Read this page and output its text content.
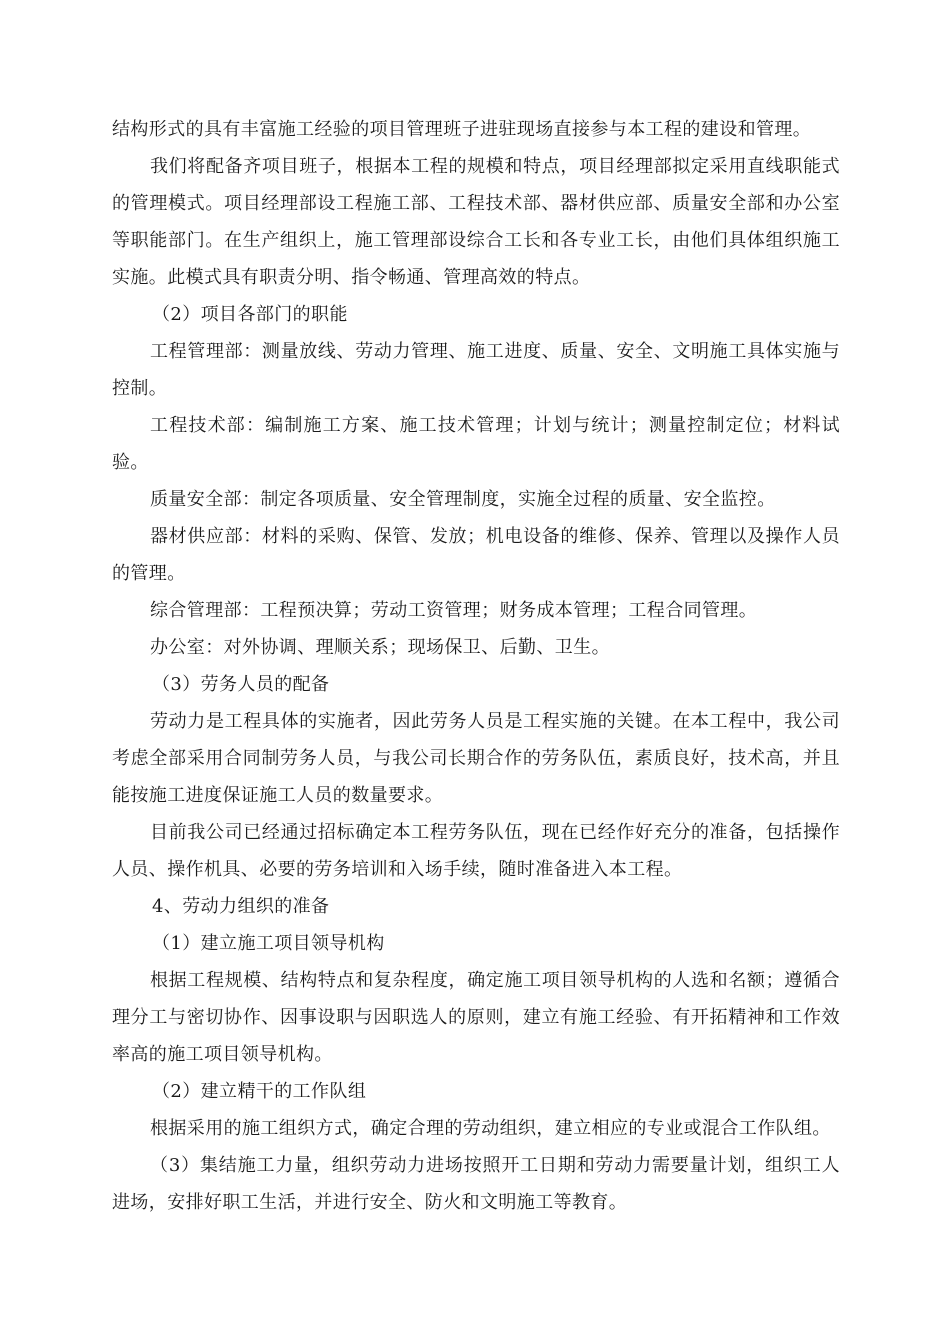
结构形式的具有丰富施工经验的项目管理班子进驻现场直接参与本工程的建设和管理。

我们将配备齐项目班子，根据本工程的规模和特点，项目经理部拟定采用直线职能式的管理模式。项目经理部设工程施工部、工程技术部、器材供应部、质量安全部和办公室等职能部门。在生产组织上，施工管理部设综合工长和各专业工长，由他们具体组织施工实施。此模式具有职责分明、指令畅通、管理高效的特点。

（2）项目各部门的职能

工程管理部：测量放线、劳动力管理、施工进度、质量、安全、文明施工具体实施与控制。

工程技术部：编制施工方案、施工技术管理；计划与统计；测量控制定位；材料试验。

质量安全部：制定各项质量、安全管理制度，实施全过程的质量、安全监控。

器材供应部：材料的采购、保管、发放；机电设备的维修、保养、管理以及操作人员的管理。

综合管理部：工程预决算；劳动工资管理；财务成本管理；工程合同管理。

办公室：对外协调、理顺关系；现场保卫、后勤、卫生。

（3）劳务人员的配备

劳动力是工程具体的实施者，因此劳务人员是工程实施的关键。在本工程中，我公司考虑全部采用合同制劳务人员，与我公司长期合作的劳务队伍，素质良好，技术高，并且能按施工进度保证施工人员的数量要求。

目前我公司已经通过招标确定本工程劳务队伍，现在已经作好充分的准备，包括操作人员、操作机具、必要的劳务培训和入场手续，随时准备进入本工程。

4、劳动力组织的准备

（1）建立施工项目领导机构

根据工程规模、结构特点和复杂程度，确定施工项目领导机构的人选和名额；遵循合理分工与密切协作、因事设职与因职选人的原则，建立有施工经验、有开拓精神和工作效率高的施工项目领导机构。

（2）建立精干的工作队组

根据采用的施工组织方式，确定合理的劳动组织，建立相应的专业或混合工作队组。

（3）集结施工力量，组织劳动力进场按照开工日期和劳动力需要量计划，组织工人进场，安排好职工生活，并进行安全、防火和文明施工等教育。
